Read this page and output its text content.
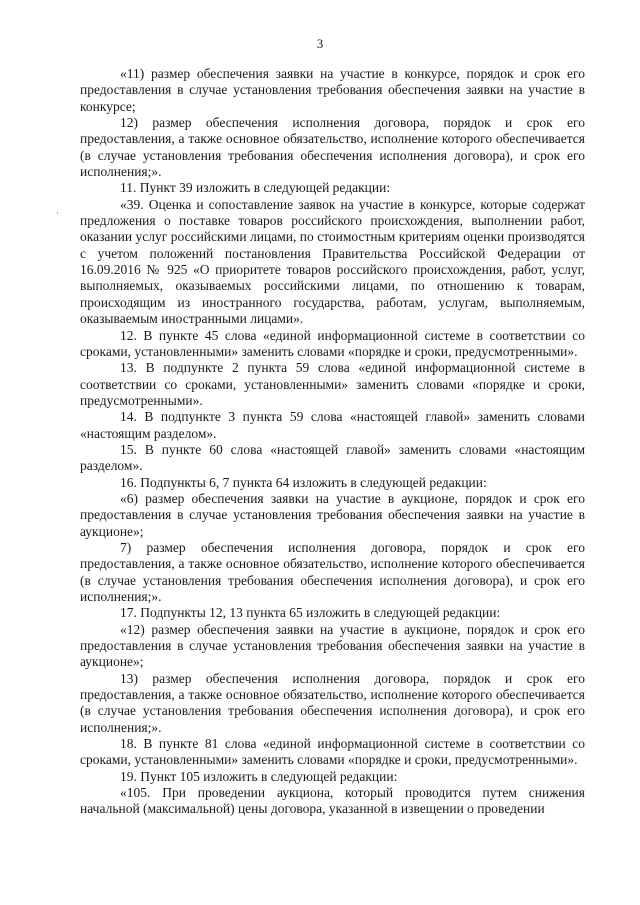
3
·

«11) размер обеспечения заявки на участие в конкурсе, порядок и срок его предоставления в случае установления требования обеспечения заявки на участие в конкурсе;

12) размер обеспечения исполнения договора, порядок и срок его предоставления, а также основное обязательство, исполнение которого обеспечивается (в случае установления требования обеспечения исполнения договора), и срок его исполнения;».

11. Пункт 39 изложить в следующей редакции:

«39. Оценка и сопоставление заявок на участие в конкурсе, которые содержат предложения о поставке товаров российского происхождения, выполнении работ, оказании услуг российскими лицами, по стоимостным критериям оценки производятся с учетом положений постановления Правительства Российской Федерации от 16.09.2016 № 925 «О приоритете товаров российского происхождения, работ, услуг, выполняемых, оказываемых российскими лицами, по отношению к товарам, происходящим из иностранного государства, работам, услугам, выполняемым, оказываемым иностранными лицами».

12. В пункте 45 слова «единой информационной системе в соответствии со сроками, установленными» заменить словами «порядке и сроки, предусмотренными».

13. В подпункте 2 пункта 59 слова «единой информационной системе в соответствии со сроками, установленными» заменить словами «порядке и сроки, предусмотренными».

14. В подпункте 3 пункта 59 слова «настоящей главой» заменить словами «настоящим разделом».

15. В пункте 60 слова «настоящей главой» заменить словами «настоящим разделом».

16. Подпункты 6, 7 пункта 64 изложить в следующей редакции:

«6) размер обеспечения заявки на участие в аукционе, порядок и срок его предоставления в случае установления требования обеспечения заявки на участие в аукционе»;

7) размер обеспечения исполнения договора, порядок и срок его предоставления, а также основное обязательство, исполнение которого обеспечивается (в случае установления требования обеспечения исполнения договора), и срок его исполнения;».

17. Подпункты 12, 13 пункта 65 изложить в следующей редакции:

«12) размер обеспечения заявки на участие в аукционе, порядок и срок его предоставления в случае установления требования обеспечения заявки на участие в аукционе»;

13) размер обеспечения исполнения договора, порядок и срок его предоставления, а также основное обязательство, исполнение которого обеспечивается (в случае установления требования обеспечения исполнения договора), и срок его исполнения;».

18. В пункте 81 слова «единой информационной системе в соответствии со сроками, установленными» заменить словами «порядке и сроки, предусмотренными».

19. Пункт 105 изложить в следующей редакции:

«105. При проведении аукциона, который проводится путем снижения начальной (максимальной) цены договора, указанной в извещении о проведении
